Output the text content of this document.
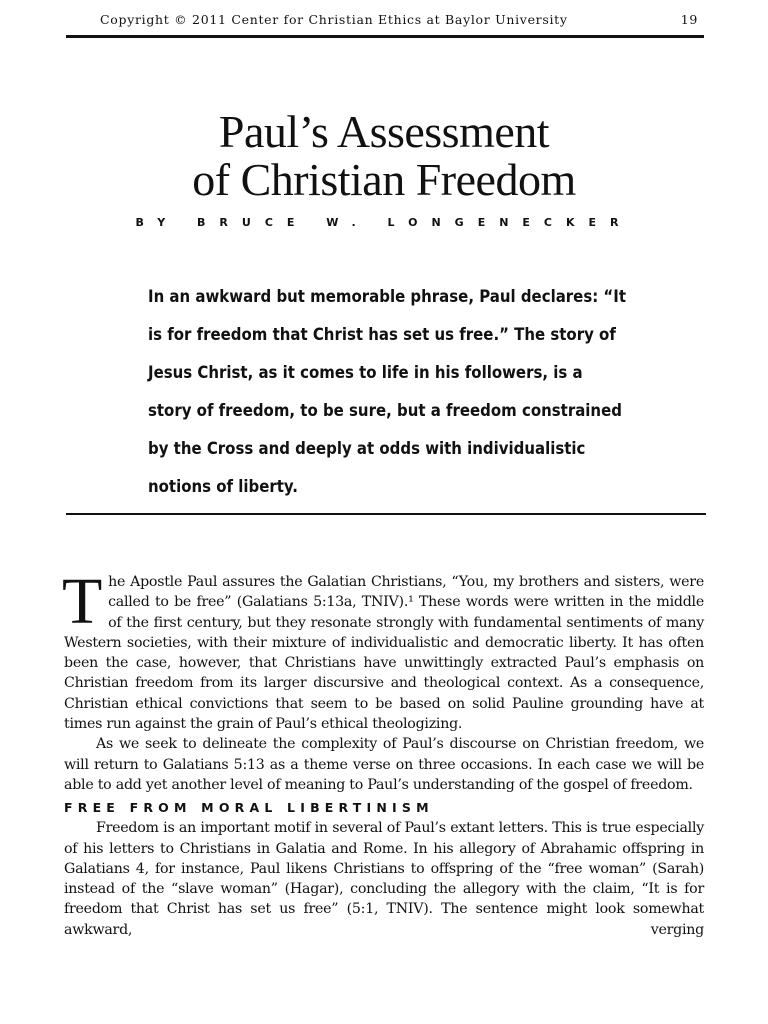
Copyright © 2011 Center for Christian Ethics at Baylor University	19
Paul’s Assessment
of Christian Freedom
BY BRUCE W. LONGENECKER

In an awkward but memorable phrase, Paul declares: “It is for freedom that Christ has set us free.” The story of Jesus Christ, as it comes to life in his followers, is a story of freedom, to be sure, but a freedom constrained by the Cross and deeply at odds with individualistic notions of liberty.

The Apostle Paul assures the Galatian Christians, “You, my brothers and sisters, were called to be free” (Galatians 5:13a, TNIV).¹ These words were written in the middle of the first century, but they resonate strongly with fundamental sentiments of many Western societies, with their mixture of individualistic and democratic liberty. It has often been the case, however, that Christians have unwittingly extracted Paul’s emphasis on Christian freedom from its larger discursive and theological context. As a consequence, Christian ethical convictions that seem to be based on solid Pauline grounding have at times run against the grain of Paul’s ethical theologizing.

As we seek to delineate the complexity of Paul’s discourse on Christian freedom, we will return to Galatians 5:13 as a theme verse on three occasions. In each case we will be able to add yet another level of meaning to Paul’s understanding of the gospel of freedom.

FREE FROM MORAL LIBERTINISM

Freedom is an important motif in several of Paul’s extant letters. This is true especially of his letters to Christians in Galatia and Rome. In his allegory of Abrahamic offspring in Galatians 4, for instance, Paul likens Christians to offspring of the “free woman” (Sarah) instead of the “slave woman” (Hagar), concluding the allegory with the claim, “It is for freedom that Christ has set us free” (5:1, TNIV). The sentence might look somewhat awkward, verging
